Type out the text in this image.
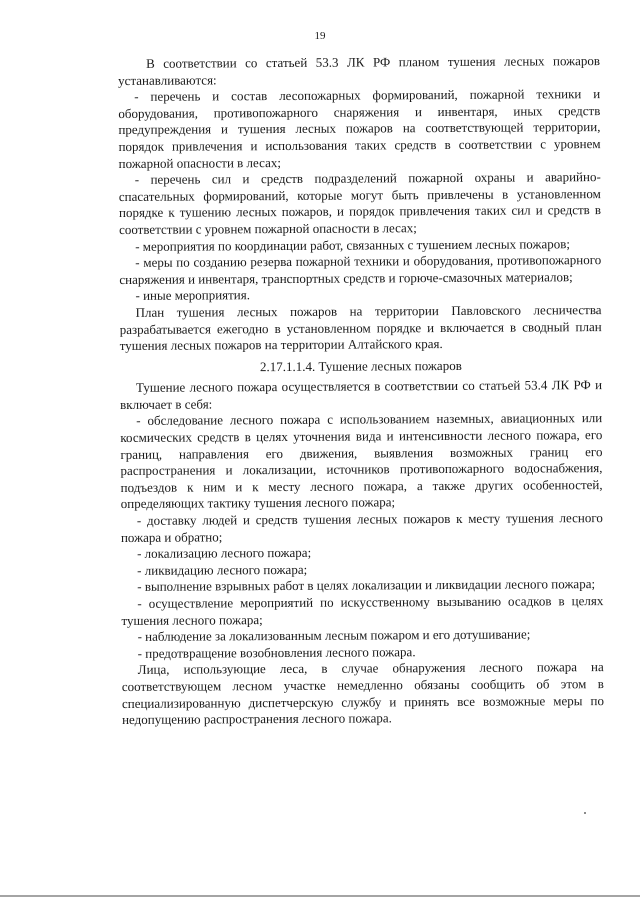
19

В соответствии со статьей 53.3 ЛК РФ планом тушения лесных пожаров устанавливаются:

- перечень и состав лесопожарных формирований, пожарной техники и оборудования, противопожарного снаряжения и инвентаря, иных средств предупреждения и тушения лесных пожаров на соответствующей территории, порядок привлечения и использования таких средств в соответствии с уровнем пожарной опасности в лесах;

- перечень сил и средств подразделений пожарной охраны и аварийно-спасательных формирований, которые могут быть привлечены в установленном порядке к тушению лесных пожаров, и порядок привлечения таких сил и средств в соответствии с уровнем пожарной опасности в лесах;

- мероприятия по координации работ, связанных с тушением лесных пожаров;

- меры по созданию резерва пожарной техники и оборудования, противопожарного снаряжения и инвентаря, транспортных средств и горюче-смазочных материалов;

- иные мероприятия.

План тушения лесных пожаров на территории Павловского лесничества разрабатывается ежегодно в установленном порядке и включается в сводный план тушения лесных пожаров на территории Алтайского края.

2.17.1.1.4. Тушение лесных пожаров

Тушение лесного пожара осуществляется в соответствии со статьей 53.4 ЛК РФ и включает в себя:

- обследование лесного пожара с использованием наземных, авиационных или космических средств в целях уточнения вида и интенсивности лесного пожара, его границ, направления его движения, выявления возможных границ его распространения и локализации, источников противопожарного водоснабжения, подъездов к ним и к месту лесного пожара, а также других особенностей, определяющих тактику тушения лесного пожара;

- доставку людей и средств тушения лесных пожаров к месту тушения лесного пожара и обратно;

- локализацию лесного пожара;

- ликвидацию лесного пожара;

- выполнение взрывных работ в целях локализации и ликвидации лесного пожара;

- осуществление мероприятий по искусственному вызыванию осадков в целях тушения лесного пожара;

- наблюдение за локализованным лесным пожаром и его дотушивание;

- предотвращение возобновления лесного пожара.

Лица, использующие леса, в случае обнаружения лесного пожара на соответствующем лесном участке немедленно обязаны сообщить об этом в специализированную диспетчерскую службу и принять все возможные меры по недопущению распространения лесного пожара.
